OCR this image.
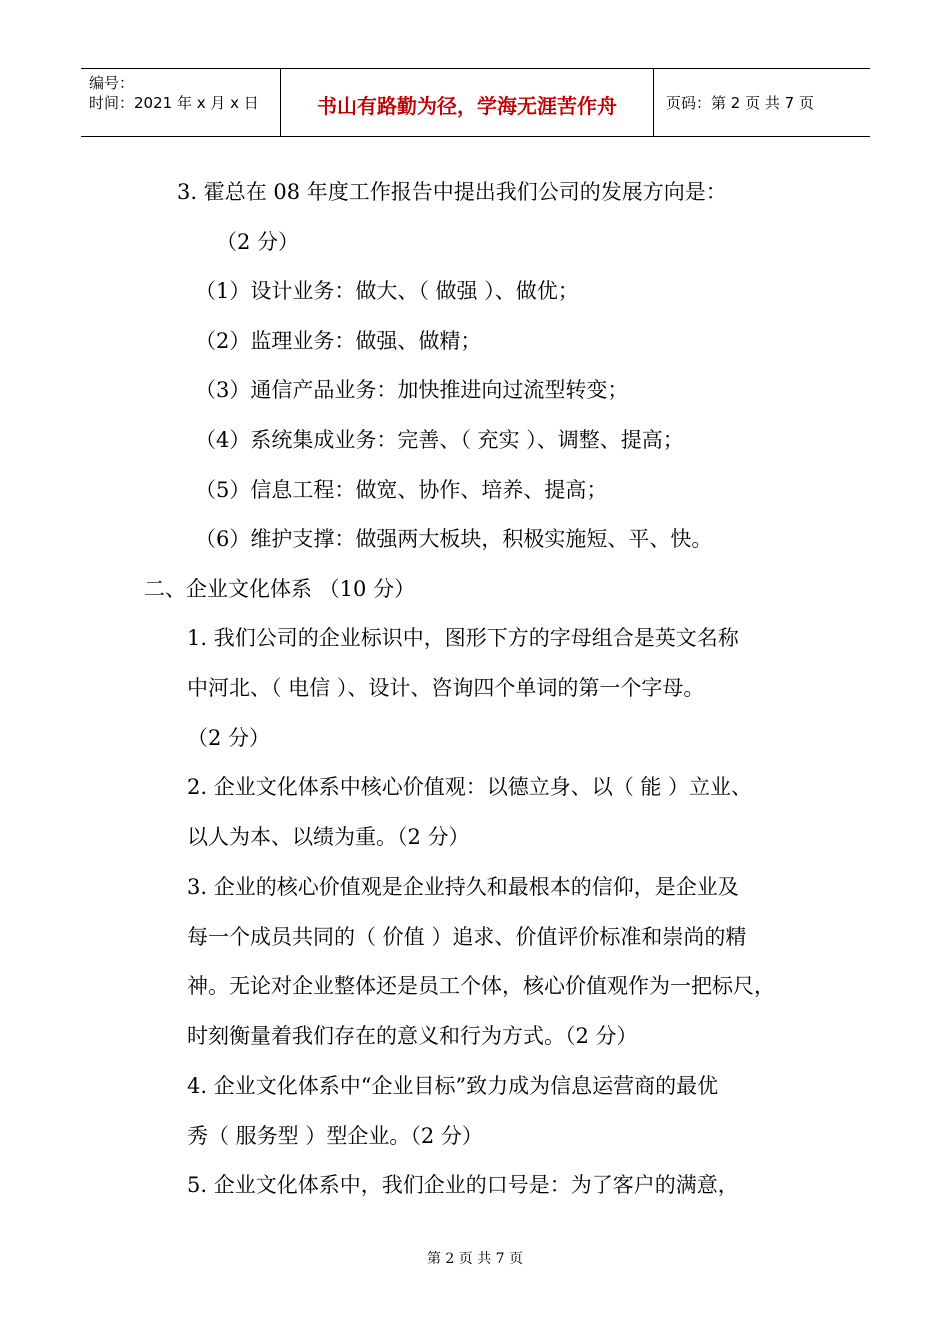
编号：
时间：2021 年 x 月 x 日	书山有路勤为径，学海无涯苦作舟	页码：第 2 页 共 7 页
3. 霍总在 08 年度工作报告中提出我们公司的发展方向是：
（2 分）
（1）设计业务：做大、（ 做强 ）、做优；
（2）监理业务：做强、做精；
（3）通信产品业务：加快推进向过流型转变；
（4）系统集成业务：完善、（ 充实 ）、调整、提高；
（5）信息工程：做宽、协作、培养、提高；
（6）维护支撑：做强两大板块，积极实施短、平、快。
二、企业文化体系 （10 分）
1. 我们公司的企业标识中，图形下方的字母组合是英文名称
中河北、（ 电信 ）、设计、咨询四个单词的第一个字母。
（2 分）
2. 企业文化体系中核心价值观：以德立身、以（ 能 ）立业、
以人为本、以绩为重。（2 分）
3. 企业的核心价值观是企业持久和最根本的信仰，是企业及
每一个成员共同的（ 价值 ）追求、价值评价标准和崇尚的精
神。无论对企业整体还是员工个体，核心价值观作为一把标尺，
时刻衡量着我们存在的意义和行为方式。（2 分）
4. 企业文化体系中“企业目标”致力成为信息运营商的最优
秀（ 服务型 ）型企业。（2 分）
5. 企业文化体系中，我们企业的口号是：为了客户的满意，
第 2 页 共 7 页
